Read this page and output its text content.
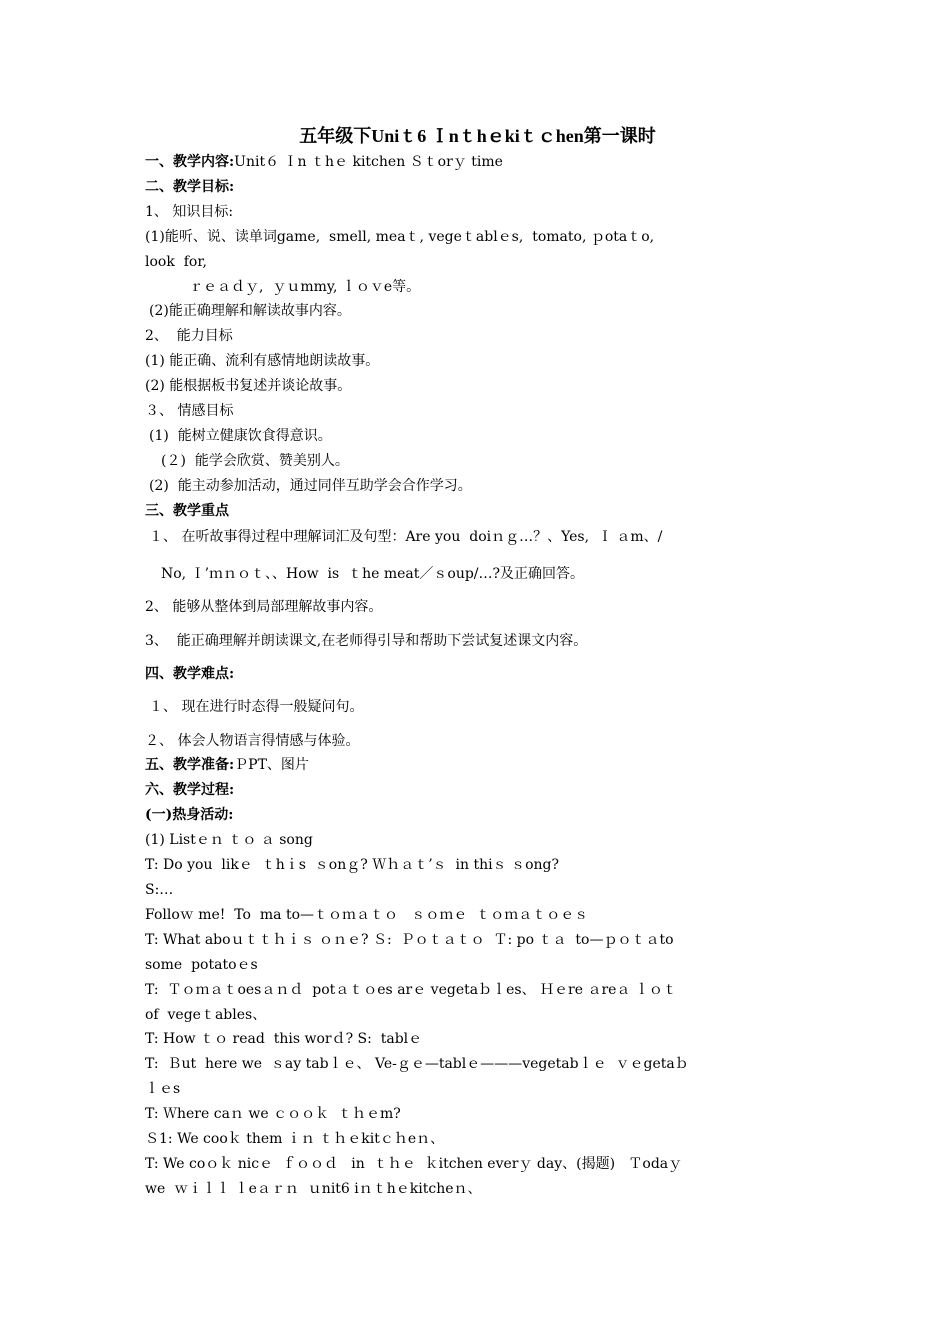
五年级下Uniｔ6 Ｉnｔhｅkiｔｃhen第一课时
一、教学内容:Unit６ Ｉn ｔhｅ kitchen Ｓｔorｙ time
二、教学目标:
1、 知识目标:
(1)能听、说、读单词game,  smell, meaｔ, vegeｔablｅs,  tomato, ｐotaｔo,
look  for,
ｒｅａｄｙ,  ｙｕmmy, ｌｏｖe等。
(2)能正确理解和解读故事内容。
2、  能力目标
(1) 能正确、流利有感情地朗读故事。
(2) 能根据板书复述并谈论故事。
３、 情感目标
(1)  能树立健康饮食得意识。
(２)  能学会欣赏、赞美别人。
(2)  能主动参加活动，通过同伴互助学会合作学习。
三、教学重点
１、 在听故事得过程中理解词汇及句型：Are you  doiｎｇ…？、Yes,  Ｉ ａm、/
No, Ｉ’ｍｎｏｔ、、How  is  ｔhe meat／ｓoup/…?及正确回答。
2、 能够从整体到局部理解故事内容。
3、  能正确理解并朗读课文,在老师得引导和帮助下尝试复述课文内容。
四、教学难点:
１、 现在进行时态得一般疑问句。
２、 体会人物语言得情感与体验。
五、教学准备:ＰPT、图片
六、教学过程:
(一)热身活动:
(1) Listｅｎ ｔｏ ａ song
T: Do you  likｅ  ｔhｉs  ｓonｇ? Ｗｈａｔ’ｓ  in thiｓ ｓong?
S:…
Folloｗ me!  To  ma to—ｔｏｍａｔｏ   ｓｏｍｅ  ｔｏｍａｔｏｅｓ
T: What aboｕｔｔｈｉｓ ｏｎｅ? Ｓ:  Ｐｏｔａｔｏ  Ｔ: po ｔａ  to—ｐｏｔａto
some  potatoｅs
T:  Ｔｏｍａｔoesａｎｄ  potａｔｏes arｅ vegetaｂｌes、 Ｈｅre ａreａ ｌｏｔ
of  vegeｔables、
T: How ｔｏ read  this worｄ? S:  tablｅ
T:  Ｂut  here we  ｓay tabｌｅ、 Ve-ｇｅ—tablｅ———vegetabｌｅ  ｖｅgetaｂ
ｌｅs
T: Ｗhere caｎ we ｃｏｏｋ  ｔｈｅm?
Ｓ1: We cooｋ them ｉｎ ｔｈｅkitｃｈeｎ、
T: We coｏｋ nicｅ  ｆｏｏｄ   in  ｔｈｅ  ｋitchen everｙ day、(揭题)   Ｔodaｙ
we  ｗｉｌｌ ｌeａｒｎ  ｕnit6 iｎｔhｅkitcheｎ、
